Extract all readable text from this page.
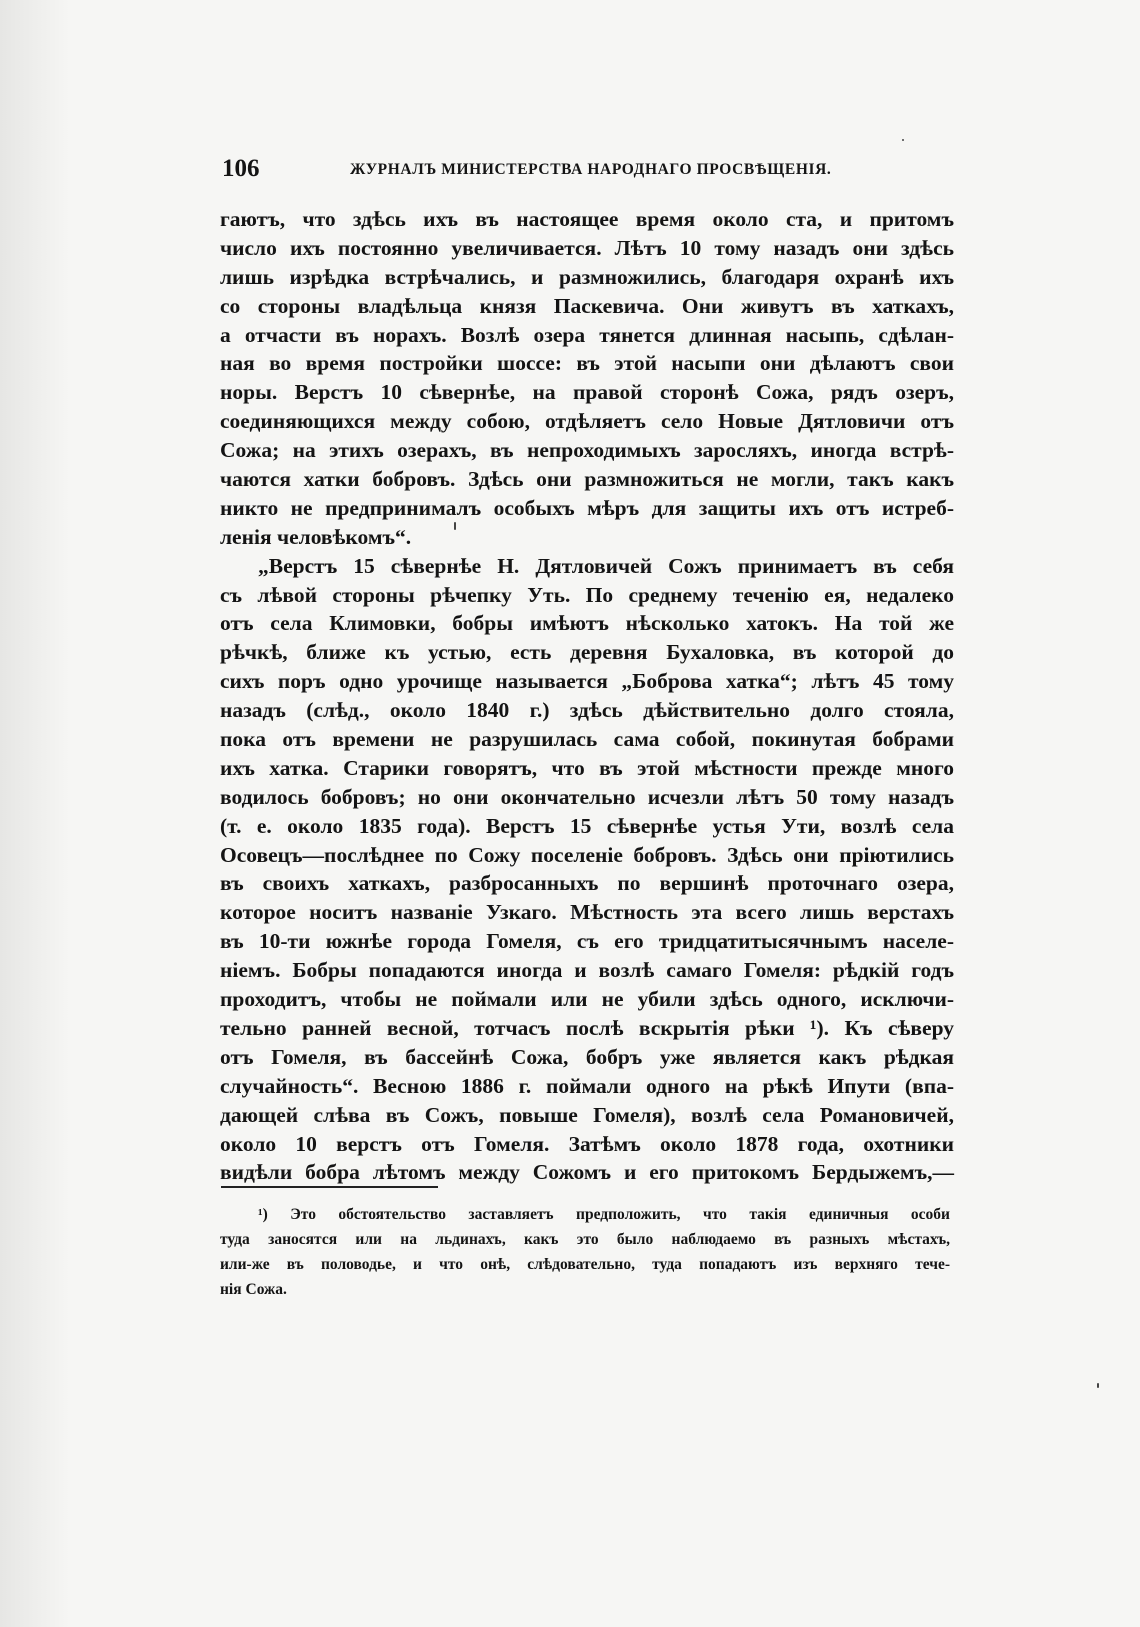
106	ЖУРНАЛЪ МИНИСТЕРСТВА НАРОДНАГО ПРОСВѢЩЕНІЯ.
гаютъ, что здѣсь ихъ въ настоящее время около ста, и притомъ
число ихъ постоянно увеличивается. Лѣтъ 10 тому назадъ они здѣсь
лишь изрѣдка встрѣчались, и размножились, благодаря охранѣ ихъ
со стороны владѣльца князя Паскевича. Они живутъ въ хаткахъ,
а отчасти въ норахъ. Возлѣ озера тянется длинная насыпь, сдѣлан-
ная во время постройки шоссе: въ этой насыпи они дѣлаютъ свои
норы. Верстъ 10 сѣвернѣе, на правой сторонѣ Сожа, рядъ озеръ,
соединяющихся между собою, отдѣляетъ село Новые Дятловичи отъ
Сожа; на этихъ озерахъ, въ непроходимыхъ заросляхъ, иногда встрѣ-
чаются хатки бобровъ. Здѣсь они размножиться не могли, такъ какъ
никто не предпринималъ особыхъ мѣръ для защиты ихъ отъ истреб-
ленія человѣкомъ“.
„Верстъ 15 сѣвернѣе Н. Дятловичей Сожъ принимаетъ въ себя
съ лѣвой стороны рѣчепку Уть. По среднему теченію ея, недалеко
отъ села Климовки, бобры имѣютъ нѣсколько хатокъ. На той же
рѣчкѣ, ближе къ устью, есть деревня Бухаловка, въ которой до
сихъ поръ одно урочище называется „Боброва хатка“; лѣтъ 45 тому
назадъ (слѣд., около 1840 г.) здѣсь дѣйствительно долго стояла,
пока отъ времени не разрушилась сама собой, покинутая бобрами
ихъ хатка. Старики говорятъ, что въ этой мѣстности прежде много
водилось бобровъ; но они окончательно исчезли лѣтъ 50 тому назадъ
(т. е. около 1835 года). Верстъ 15 сѣвернѣе устья Ути, возлѣ села
Осовецъ—послѣднее по Сожу поселеніе бобровъ. Здѣсь они пріютились
въ своихъ хаткахъ, разбросанныхъ по вершинѣ проточнаго озера,
которое носитъ названіе Узкаго. Мѣстность эта всего лишь верстахъ
въ 10-ти южнѣе города Гомеля, съ его тридцатитысячнымъ населе-
ніемъ. Бобры попадаются иногда и возлѣ самаго Гомеля: рѣдкій годъ
проходитъ, чтобы не поймали или не убили здѣсь одного, исключи-
тельно ранней весной, тотчасъ послѣ вскрытія рѣки ¹). Къ сѣверу
отъ Гомеля, въ бассейнѣ Сожа, бобръ уже является какъ рѣдкая
случайность“. Весною 1886 г. поймали одного на рѣкѣ Ипути (впа-
дающей слѣва въ Сожъ, повыше Гомеля), возлѣ села Романовичей,
около 10 верстъ отъ Гомеля. Затѣмъ около 1878 года, охотники
видѣли бобра лѣтомъ между Сожомъ и его притокомъ Бердыжемъ,—
¹) Это обстоятельство заставляетъ предположить, что такія единичныя особи
туда заносятся или на льдинахъ, какъ это было наблюдаемо въ разныхъ мѣстахъ,
или-же въ половодье, и что онѣ, слѣдовательно, туда попадаютъ изъ верхняго тече-
нія Сожа.
